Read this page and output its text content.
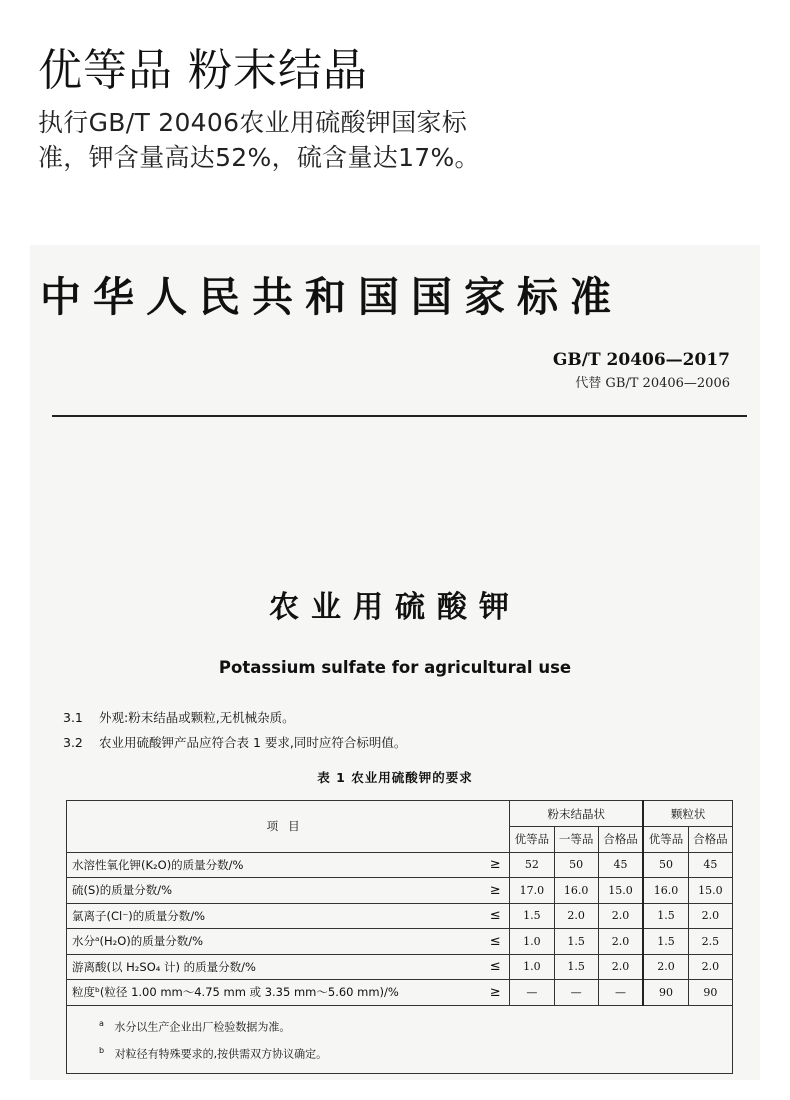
优等品 粉末结晶
执行GB/T 20406农业用硫酸钾国家标
准，钾含量高达52%，硫含量达17%。
中华人民共和国国家标准
GB/T 20406—2017
代替 GB/T 20406—2006
农业用硫酸钾
Potassium sulfate for agricultural use
3.1 外观:粉末结晶或颗粒,无机械杂质。
3.2 农业用硫酸钾产品应符合表 1 要求,同时应符合标明值。
表 1 农业用硫酸钾的要求
项目		粉末结晶状			颗粒状	
		优等品	一等品	合格品	优等品	合格品
水溶性氧化钾(K₂O)的质量分数/%	≥	52	50	45	50	45
硫(S)的质量分数/%	≥	17.0	16.0	15.0	16.0	15.0
氯离子(Cl⁻)的质量分数/%	≤	1.5	2.0	2.0	1.5	2.0
水分ᵃ(H₂O)的质量分数/%	≤	1.0	1.5	2.0	1.5	2.5
游离酸(以 H₂SO₄ 计) 的质量分数/%	≤	1.0	1.5	2.0	2.0	2.0
粒度ᵇ(粒径 1.00 mm～4.75 mm 或 3.35 mm～5.60 mm)/%	≥	—	—	—	90	90

$^a$ 水分以生产企业出厂检验数据为准。
$^b$ 对粒径有特殊要求的,按供需双方协议确定。						
